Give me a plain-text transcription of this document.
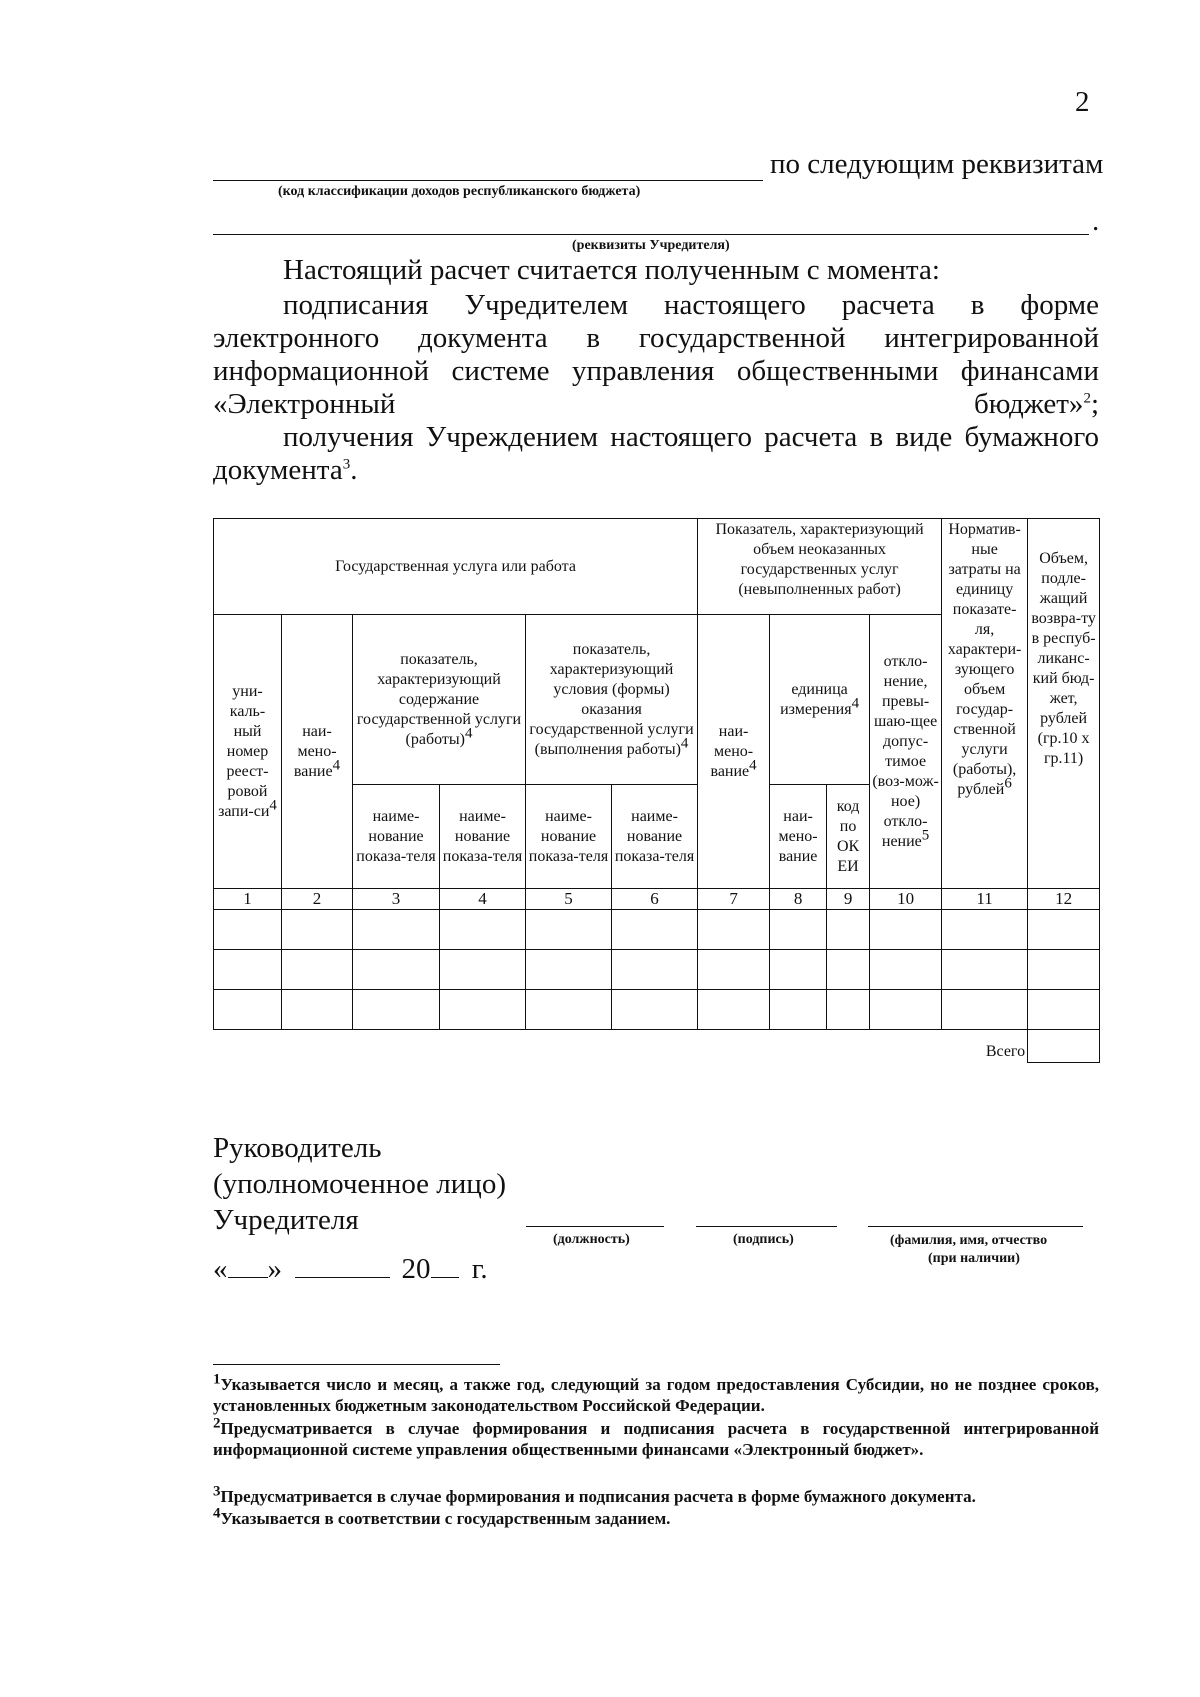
2
по следующим реквизитам
(код классификации доходов республиканского бюджета)
.
(реквизиты Учредителя)
Настоящий расчет считается полученным с момента:
подписания Учредителем настоящего расчета в форме электронного документа в государственной интегрированной информационной системе управления общественными финансами «Электронный бюджет»$^2$;
получения Учреждением настоящего расчета в виде бумажного документа$^3$.
Государственная услуга или работа						Показатель, характеризующий объем неоказанных государственных услуг (невыполненных работ)				Норматив-ные затраты на единицу показате-ля, характери-зующего объем государ-ственной услуги (работы), рублей$^6$	Объем, подле-жащий возвра-ту в респуб-ликанс-кий бюд-жет, рублей (гр.10 х гр.11)
уни-каль-ный номер реест-ровой запи-$си^4$	наи-мено-вание$^4$	показатель, характеризующий содержание государственной услуги (работы)$^4$		показатель, характеризующий условия (формы) оказания государственной услуги (выполнения работы)$^4$		наи-мено-вание$^4$	единица измерения$^4$		откло-нение, превы-шаю-щее допус-тимое (воз-мож-ное) откло-нение$^5$
		наиме-нование показа-теля	наиме-нование показа-теля	наиме-нование показа-теля	наиме-нование показа-теля		наи-мено-вание	код по ОК ЕИ			
1	2	3	4	5	6	7	8	9	10	11	12

Всего											
Руководитель
(уполномоченное лицо)
Учредителя
(должность)	(подпись)	(фамилия, имя, отчество
(при наличии)
« »	20 г.
$^1$Указывается число и месяц, а также год, следующий за годом предоставления Субсидии, но не позднее сроков, установленных бюджетным законодательством Российской Федерации.
$^2$Предусматривается в случае формирования и подписания расчета в государственной интегрированной информационной системе управления общественными финансами «Электронный бюджет».
$^3$Предусматривается в случае формирования и подписания расчета в форме бумажного документа.
$^4$Указывается в соответствии с государственным заданием.
